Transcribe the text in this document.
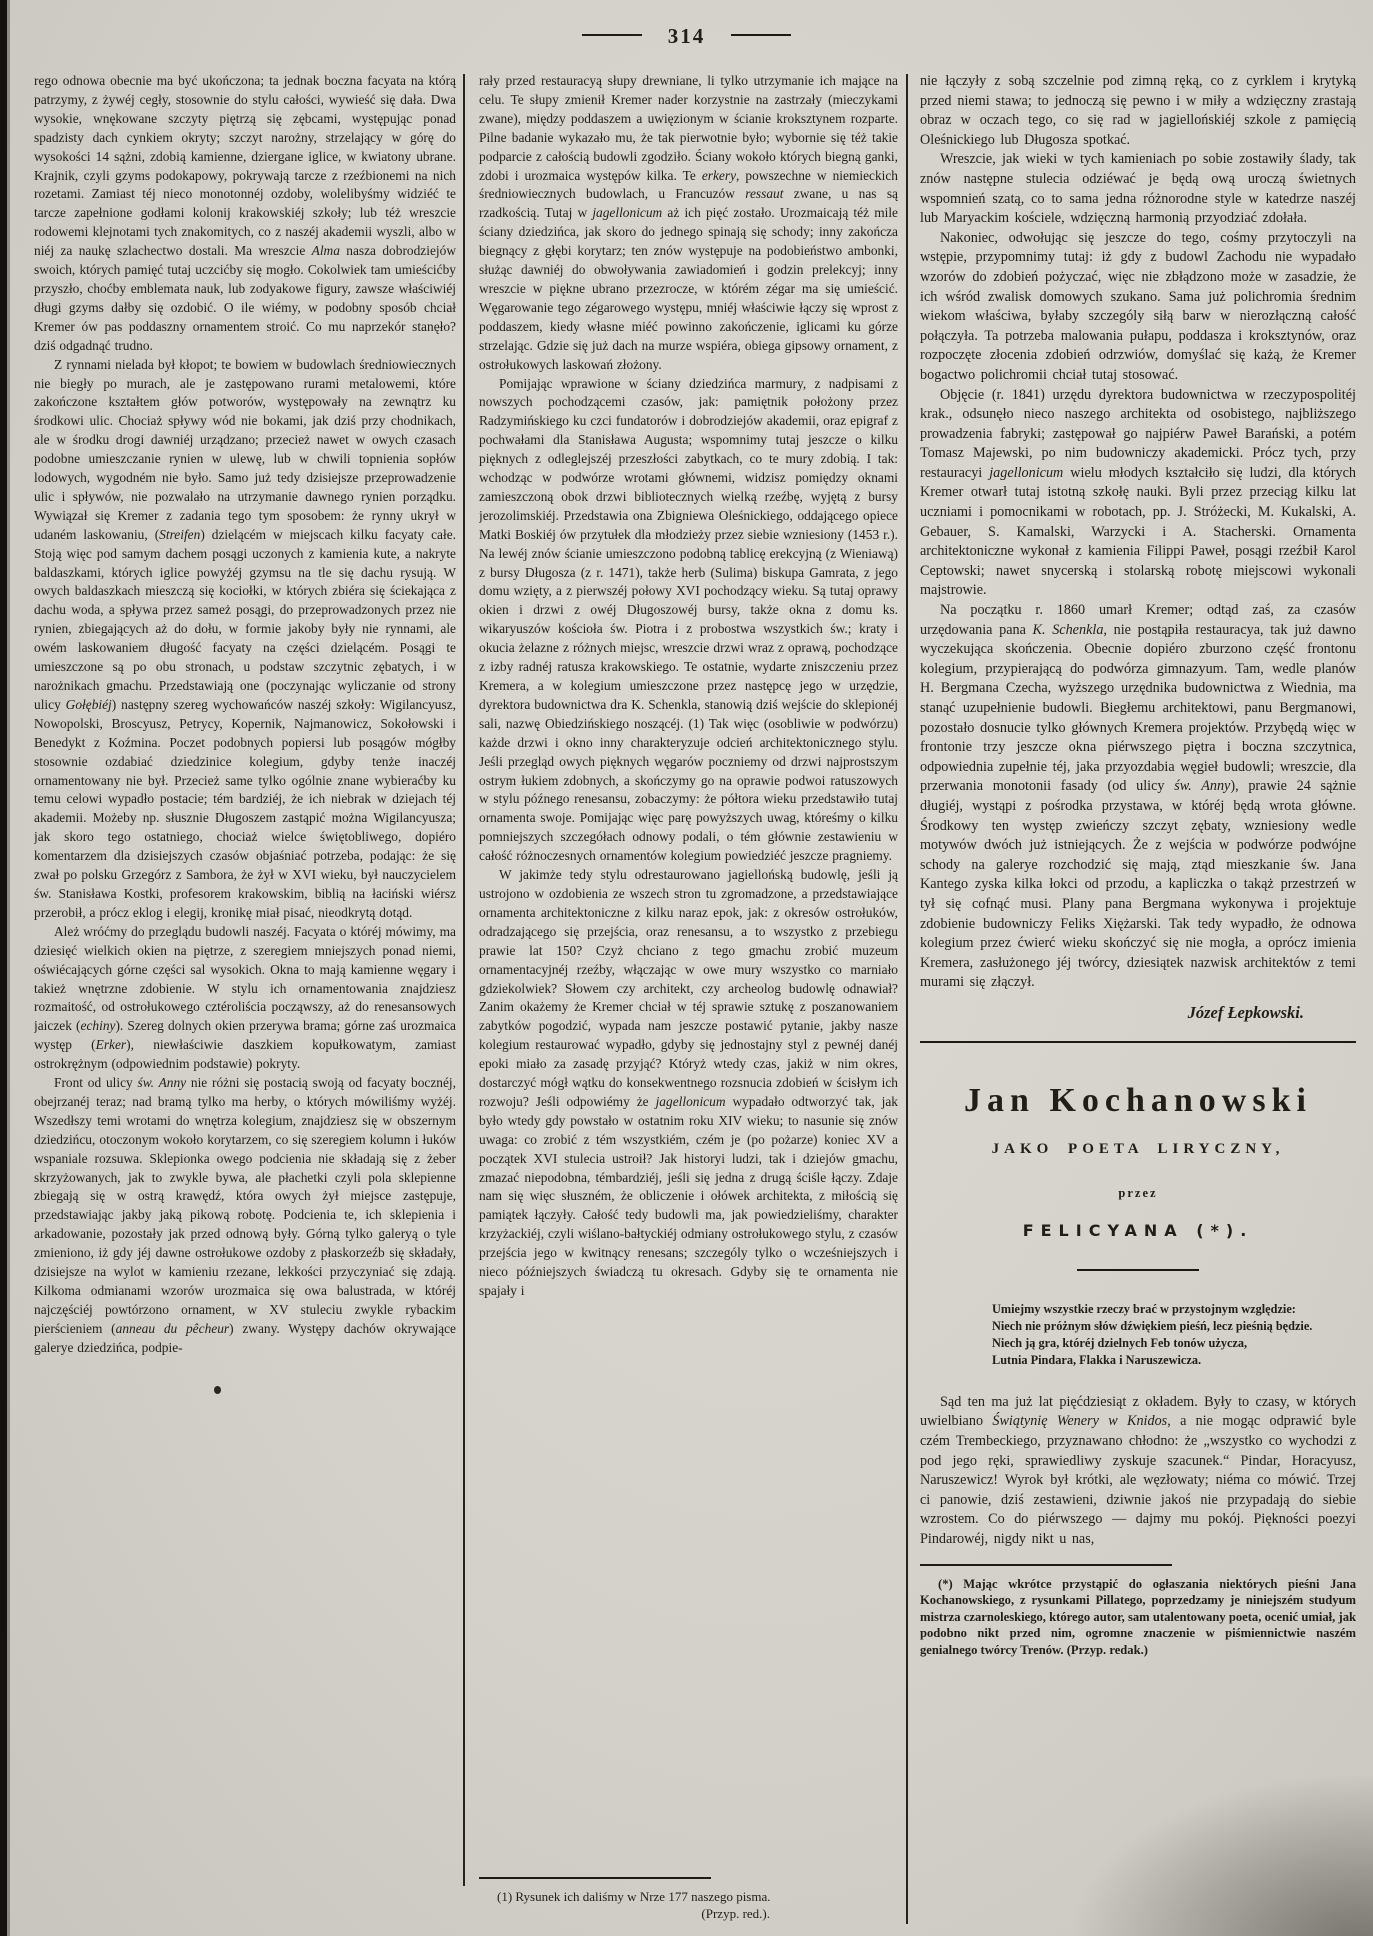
314

rego odnowa obecnie ma być ukończona; ta jednak boczna facyata na którą patrzymy, z żywéj cegły, stosownie do stylu całości, wywieść się dała. Dwa wysokie, wnękowane szczyty piętrzą się zębcami, występując ponad spadzisty dach cynkiem okryty; szczyt narożny, strzelający w górę do wysokości 14 sążni, zdobią kamienne, dziergane iglice, w kwiatony ubrane. Krajnik, czyli gzyms podokapowy, pokrywają tarcze z rzeźbionemi na nich rozetami. Zamiast téj nieco monotonnéj ozdoby, wolelibyśmy widziéć te tarcze zapełnione godłami kolonij krakowskiéj szkoły; lub téż wreszcie rodowemi klejnotami tych znakomitych, co z naszéj akademii wyszli, albo w niéj za naukę szlachectwo dostali. Ma wreszcie Alma nasza dobrodziejów swoich, których pamięć tutaj uczcićby się mogło. Cokolwiek tam umieścićby przyszło, choćby emblemata nauk, lub zodyakowe figury, zawsze właściwiéj długi gzyms dałby się ozdobić. O ile wiémy, w podobny sposób chciał Kremer ów pas poddaszny ornamentem stroić. Co mu naprzekór stanęło? dziś odgadnąć trudno.

Z rynnami nielada był kłopot; te bowiem w budowlach średniowiecznych nie biegły po murach, ale je zastępowano rurami metalowemi, które zakończone kształtem głów potworów, występowały na zewnątrz ku środkowi ulic. Chociaż spływy wód nie bokami, jak dziś przy chodnikach, ale w środku drogi dawniéj urządzano; przecież nawet w owych czasach podobne umieszczanie rynien w ulewę, lub w chwili topnienia sopłów lodowych, wygodném nie było. Samo już tedy dzisiejsze przeprowadzenie ulic i spływów, nie pozwalało na utrzymanie dawnego rynien porządku. Wywiązał się Kremer z zadania tego tym sposobem: że rynny ukrył w udaném laskowaniu, (Streifen) dzielącém w miejscach kilku facyaty całe. Stoją więc pod samym dachem posągi uczonych z kamienia kute, a nakryte baldaszkami, których iglice powyżéj gzymsu na tle się dachu rysują. W owych baldaszkach mieszczą się kociołki, w których zbiéra się ściekająca z dachu woda, a spływa przez sameż posągi, do przeprowadzonych przez nie rynien, zbiegających aż do dołu, w formie jakoby były nie rynnami, ale owém laskowaniem długość facyaty na części dzielącém. Posągi te umieszczone są po obu stronach, u podstaw szczytnic zębatych, i w narożnikach gmachu. Przedstawiają one (poczynając wyliczanie od strony ulicy Gołębiéj) następny szereg wychowańców naszéj szkoły: Wigilancyusz, Nowopolski, Broscyusz, Petrycy, Kopernik, Najmanowicz, Sokołowski i Benedykt z Koźmina. Poczet podobnych popiersi lub posągów mógłby stosownie ozdabiać dziedzinice kolegium, gdyby tenże inaczéj ornamentowany nie był. Przecież same tylko ogólnie znane wybieraćby ku temu celowi wypadło postacie; tém bardziéj, że ich niebrak w dziejach téj akademii. Możeby np. słusznie Długoszem zastąpić można Wigilancyusza; jak skoro tego ostatniego, chociaż wielce świętobliwego, dopiéro komentarzem dla dzisiejszych czasów objaśniać potrzeba, podając: że się zwał po polsku Grzegórz z Sambora, że żył w XVI wieku, był nauczycielem św. Stanisława Kostki, profesorem krakowskim, biblią na łaciński wiérsz przerobił, a prócz eklog i elegij, kronikę miał pisać, nieodkrytą dotąd.

Ależ wróćmy do przeglądu budowli naszéj. Facyata o któréj mówimy, ma dziesięć wielkich okien na piętrze, z szeregiem mniejszych ponad niemi, oświécających górne części sal wysokich. Okna to mają kamienne węgary i takież wnętrzne zdobienie. W stylu ich ornamentowania znajdziesz rozmaitość, od ostrołukowego cztéroliścia począwszy, aż do renesansowych jaiczek (echiny). Szereg dolnych okien przerywa brama; górne zaś urozmaica występ (Erker), niewłaściwie daszkiem kopułkowatym, zamiast ostrokrężnym (odpowiednim podstawie) pokryty.

Front od ulicy św. Anny nie różni się postacią swoją od facyaty bocznéj, obejrzanéj teraz; nad bramą tylko ma herby, o których mówiliśmy wyżéj. Wszedłszy temi wrotami do wnętrza kolegium, znajdziesz się w obszernym dziedzińcu, otoczonym wokoło korytarzem, co się szeregiem kolumn i łuków wspaniale rozsuwa. Sklepionka owego podcienia nie składają się z żeber skrzyżowanych, jak to zwykle bywa, ale płachetki czyli pola sklepienne zbiegają się w ostrą krawędź, która owych żył miejsce zastępuje, przedstawiając jakby jaką pikową robotę. Podcienia te, ich sklepienia i arkadowanie, pozostały jak przed odnową były. Górną tylko galeryą o tyle zmieniono, iż gdy jéj dawne ostrołukowe ozdoby z płaskorzeźb się składały, dzisiejsze na wylot w kamieniu rzezane, lekkości przyczyniać się zdają. Kilkoma odmianami wzorów urozmaica się owa balustrada, w któréj najczęściéj powtórzono ornament, w XV stuleciu zwykle rybackim pierścieniem (anneau du pêcheur) zwany. Występy dachów okrywające galerye dziedzińca, podpie-

rały przed restauracyą słupy drewniane, li tylko utrzymanie ich mające na celu. Te słupy zmienił Kremer nader korzystnie na zastrzały (mieczykami zwane), między poddaszem a uwięzionym w ścianie kroksztynem rozparte. Pilne badanie wykazało mu, że tak pierwotnie było; wybornie się téż takie podparcie z całością budowli zgodziło. Ściany wokoło których biegną ganki, zdobi i urozmaica występów kilka. Te erkery, powszechne w niemieckich średniowiecznych budowlach, u Francuzów ressaut zwane, u nas są rzadkością. Tutaj w jagellonicum aż ich pięć zostało. Urozmaicają téż mile ściany dziedzińca, jak skoro do jednego spinają się schody; inny zakończa biegnący z głębi korytarz; ten znów występuje na podobieństwo ambonki, służąc dawniéj do obwoływania zawiadomień i godzin prelekcyj; inny wreszcie w piękne ubrano przezrocze, w którém zégar ma się umieścić. Węgarowanie tego zégarowego występu, mniéj właściwie łączy się wprost z poddaszem, kiedy własne miéć powinno zakończenie, iglicami ku górze strzelając. Gdzie się już dach na murze wspiéra, obiega gipsowy ornament, z ostrołukowych laskowań złożony.

Pomijając wprawione w ściany dziedzińca marmury, z nadpisami z nowszych pochodzącemi czasów, jak: pamiętnik położony przez Radzymińskiego ku czci fundatorów i dobrodziejów akademii, oraz epigraf z pochwałami dla Stanisława Augusta; wspomnimy tutaj jeszcze o kilku pięknych z odleglejszéj przeszłości zabytkach, co te mury zdobią. I tak: wchodząc w podwórze wrotami głównemi, widzisz pomiędzy oknami zamieszczoną obok drzwi bibliotecznych wielką rzeźbę, wyjętą z bursy jerozolimskiéj. Przedstawia ona Zbigniewa Oleśnickiego, oddającego opiece Matki Boskiéj ów przytułek dla młodzieży przez siebie wzniesiony (1453 r.). Na lewéj znów ścianie umieszczono podobną tablicę erekcyjną (z Wieniawą) z bursy Długosza (z r. 1471), także herb (Sulima) biskupa Gamrata, z jego domu wzięty, a z pierwszéj połowy XVI pochodzący wieku. Są tutaj oprawy okien i drzwi z owéj Długoszowéj bursy, także okna z domu ks. wikaryuszów kościoła św. Piotra i z probostwa wszystkich św.; kraty i okucia żelazne z różnych miejsc, wreszcie drzwi wraz z oprawą, pochodzące z izby radnéj ratusza krakowskiego. Te ostatnie, wydarte zniszczeniu przez Kremera, a w kolegium umieszczone przez następcę jego w urzędzie, dyrektora budownictwa dra K. Schenkla, stanowią dziś wejście do sklepionéj sali, nazwę Obiedzińskiego noszącéj. (1) Tak więc (osobliwie w podwórzu) każde drzwi i okno inny charakteryzuje odcień architektonicznego stylu. Jeśli przegląd owych pięknych węgarów poczniemy od drzwi najprostszym ostrym łukiem zdobnych, a skończymy go na oprawie podwoi ratuszowych w stylu późnego renesansu, zobaczymy: że półtora wieku przedstawiło tutaj ornamenta swoje. Pomijając więc parę powyższych uwag, któreśmy o kilku pomniejszych szczegółach odnowy podali, o tém głównie zestawieniu w całość różnoczesnych ornamentów kolegium powiedziéć jeszcze pragniemy.

W jakimże tedy stylu odrestaurowano jagiellońską budowlę, jeśli ją ustrojono w ozdobienia ze wszech stron tu zgromadzone, a przedstawiające ornamenta architektoniczne z kilku naraz epok, jak: z okresów ostrołuków, odradzającego się przejścia, oraz renesansu, a to wszystko z przebiegu prawie lat 150? Czyż chciano z tego gmachu zrobić muzeum ornamentacyjnéj rzeźby, włączając w owe mury wszystko co marniało gdziekolwiek? Słowem czy architekt, czy archeolog budowlę odnawiał? Zanim okażemy że Kremer chciał w téj sprawie sztukę z poszanowaniem zabytków pogodzić, wypada nam jeszcze postawić pytanie, jakby nasze kolegium restaurować wypadło, gdyby się jednostajny styl z pewnéj danéj epoki miało za zasadę przyjąć? Któryż wtedy czas, jakiż w nim okres, dostarczyć mógł wątku do konsekwentnego rozsnucia zdobień w ścisłym ich rozwoju? Jeśli odpowiémy że jagellonicum wypadało odtworzyć tak, jak było wtedy gdy powstało w ostatnim roku XIV wieku; to nasunie się znów uwaga: co zrobić z tém wszystkiém, czém je (po pożarze) koniec XV a początek XVI stulecia ustroił? Jak historyi ludzi, tak i dziejów gmachu, zmazać niepodobna, témbardziéj, jeśli się jedna z drugą ściśle łączy. Zdaje nam się więc słuszném, że obliczenie i ołówek architekta, z miłością się pamiątek łączyły. Całość tedy budowli ma, jak powiedzieliśmy, charakter krzyżackiéj, czyli wiślano-bałtyckiéj odmiany ostrołukowego stylu, z czasów przejścia jego w kwitnący renesans; szczególy tylko o wcześniejszych i nieco późniejszych świadczą tu okresach. Gdyby się te ornamenta nie spajały i

(1) Rysunek ich daliśmy w Nrze 177 naszego pisma.
(Przyp. red.).

nie łączyły z sobą szczelnie pod zimną ręką, co z cyrklem i krytyką przed niemi stawa; to jednoczą się pewno i w miły a wdzięczny zrastają obraz w oczach tego, co się rad w jagiellońskiéj szkole z pamięcią Oleśnickiego lub Długosza spotkać.

Wreszcie, jak wieki w tych kamieniach po sobie zostawiły ślady, tak znów następne stulecia odziéwać je będą ową uroczą świetnych wspomnień szatą, co to sama jedna różnorodne style w katedrze naszéj lub Maryackim kościele, wdzięczną harmonią przyodziać zdołała.

Nakoniec, odwołując się jeszcze do tego, cośmy przytoczyli na wstępie, przypomnimy tutaj: iż gdy z budowl Zachodu nie wypadało wzorów do zdobień pożyczać, więc nie zbłądzono może w zasadzie, że ich wśród zwalisk domowych szukano. Sama już polichromia średnim wiekom właściwa, byłaby szczególy siłą barw w nierozłączną całość połączyła. Ta potrzeba malowania pułapu, poddasza i kroksztynów, oraz rozpoczęte złocenia zdobień odrzwiów, domyślać się każą, że Kremer bogactwo polichromii chciał tutaj stosować.

Objęcie (r. 1841) urzędu dyrektora budownictwa w rzeczypospolitéj krak., odsunęło nieco naszego architekta od osobistego, najbliższego prowadzenia fabryki; zastępował go najpiérw Paweł Barański, a potém Tomasz Majewski, po nim budowniczy akademicki. Prócz tych, przy restauracyi jagellonicum wielu młodych kształciło się ludzi, dla których Kremer otwarł tutaj istotną szkołę nauki. Byli przez przeciąg kilku lat uczniami i pomocnikami w robotach, pp. J. Stróżecki, M. Kukalski, A. Gebauer, S. Kamalski, Warzycki i A. Stacherski. Ornamenta architektoniczne wykonał z kamienia Filippi Paweł, posągi rzeźbił Karol Ceptowski; nawet snycerską i stolarską robotę miejscowi wykonali majstrowie.

Na początku r. 1860 umarł Kremer; odtąd zaś, za czasów urzędowania pana K. Schenkla, nie postąpiła restauracya, tak już dawno wyczekująca skończenia. Obecnie dopiéro zburzono część frontonu kolegium, przypierającą do podwórza gimnazyum. Tam, wedle planów H. Bergmana Czecha, wyższego urzędnika budownictwa z Wiednia, ma stanąć uzupełnienie budowli. Biegłemu architektowi, panu Bergmanowi, pozostało dosnucie tylko głównych Kremera projektów. Przybędą więc w frontonie trzy jeszcze okna piérwszego piętra i boczna szczytnica, odpowiednia zupełnie téj, jaka przyozdabia węgieł budowli; wreszcie, dla przerwania monotonii fasady (od ulicy św. Anny), prawie 24 sążnie długiéj, wystąpi z pośrodka przystawa, w któréj będą wrota główne. Środkowy ten występ zwieńczy szczyt zębaty, wzniesiony wedle motywów dwóch już istniejących. Że z wejścia w podwórze podwójne schody na galerye rozchodzić się mają, ztąd mieszkanie św. Jana Kantego zyska kilka łokci od przodu, a kapliczka o takąż przestrzeń w tył się cofnąć musi. Plany pana Bergmana wykonywa i projektuje zdobienie budowniczy Feliks Xiężarski. Tak tedy wypadło, że odnowa kolegium przez ćwierć wieku skończyć się nie mogła, a oprócz imienia Kremera, zasłużonego jéj twórcy, dziesiątek nazwisk architektów z temi murami się złączył.

Józef Łepkowski.
Jan Kochanowski
JAKO POETA LIRYCZNY,
przez
FELICYANA (*).
Umiejmy wszystkie rzeczy brać w przystojnym względzie:
Niech nie próżnym słów dźwiękiem pieśń, lecz pieśnią będzie.
Niech ją gra, któréj dzielnych Feb tonów użycza,
Lutnia Pindara, Flakka i Naruszewicza.

Sąd ten ma już lat pięćdziesiąt z okładem. Były to czasy, w których uwielbiano Świątynię Wenery w Knidos, a nie mogąc odprawić byle czém Trembeckiego, przyznawano chłodno: że „wszystko co wychodzi z pod jego ręki, sprawiedliwy zyskuje szacunek.“ Pindar, Horacyusz, Naruszewicz! Wyrok był krótki, ale węzłowaty; niéma co mówić. Trzej ci panowie, dziś zestawieni, dziwnie jakoś nie przypadają do siebie wzrostem. Co do piérwszego — dajmy mu pokój. Piękności poezyi Pindarowéj, nigdy nikt u nas,

(*) Mając wkrótce przystąpić do ogłaszania niektórych pieśni Jana Kochanowskiego, z rysunkami Pillatego, poprzedzamy je niniejszém studyum mistrza czarnoleskiego, którego autor, sam utalentowany poeta, ocenić umiał, jak podobno nikt przed nim, ogromne znaczenie w piśmiennictwie naszém genialnego twórcy Trenów. (Przyp. redak.)
